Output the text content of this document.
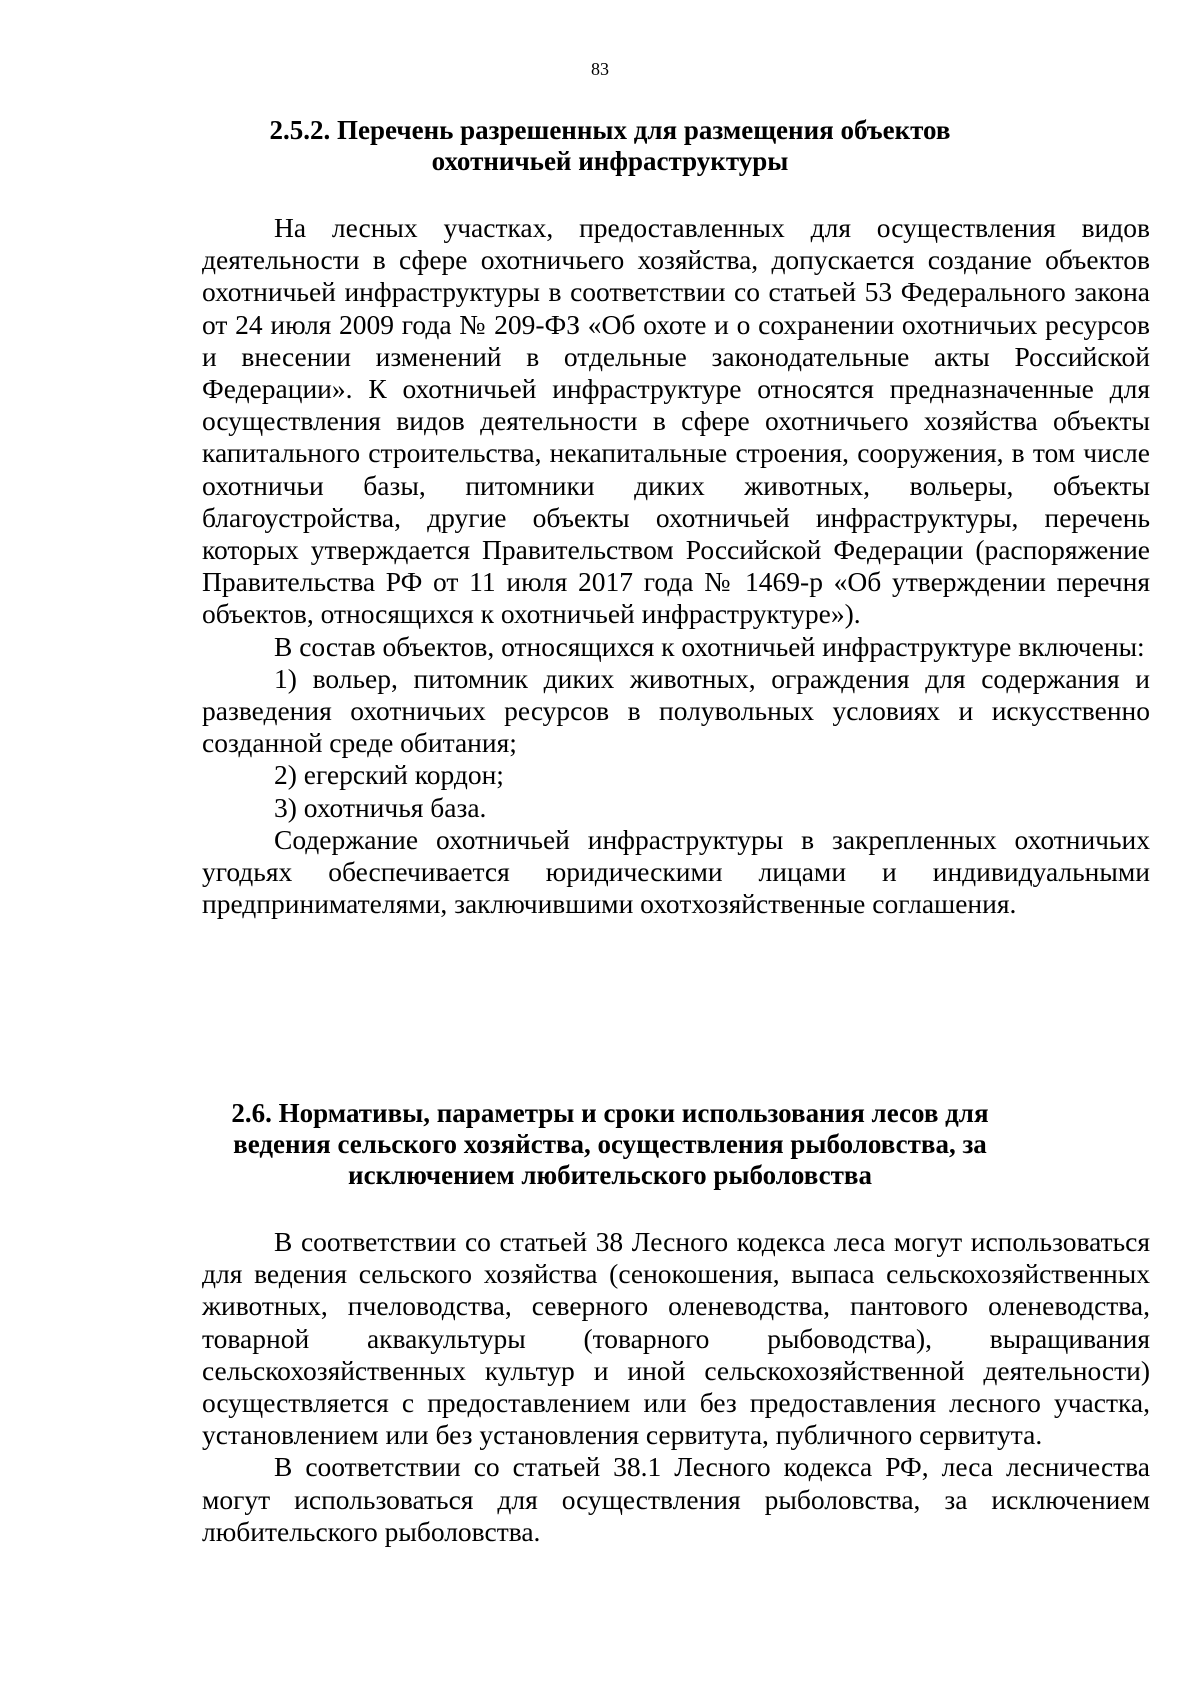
83
2.5.2. Перечень разрешенных для размещения объектов охотничьей инфраструктуры

На лесных участках, предоставленных для осуществления видов деятельности в сфере охотничьего хозяйства, допускается создание объектов охотничьей инфраструктуры в соответствии со статьей 53 Федерального закона от 24 июля 2009 года № 209-ФЗ «Об охоте и о сохранении охотничьих ресурсов и внесении изменений в отдельные законодательные акты Российской Федерации». К охотничьей инфраструктуре относятся предназначенные для осуществления видов деятельности в сфере охотничьего хозяйства объекты капитального строительства, некапитальные строения, сооружения, в том числе охотничьи базы, питомники диких животных, вольеры, объекты благоустройства, другие объекты охотничьей инфраструктуры, перечень которых утверждается Правительством Российской Федерации (распоряжение Правительства РФ от 11 июля 2017 года № 1469-р «Об утверждении перечня объектов, относящихся к охотничьей инфраструктуре»).

В состав объектов, относящихся к охотничьей инфраструктуре включены:

1) вольер, питомник диких животных, ограждения для содержания и разведения охотничьих ресурсов в полувольных условиях и искусственно созданной среде обитания;

2) егерский кордон;

3) охотничья база.

Содержание охотничьей инфраструктуры в закрепленных охотничьих угодьях обеспечивается юридическими лицами и индивидуальными предпринимателями, заключившими охотхозяйственные соглашения.

2.6. Нормативы, параметры и сроки использования лесов для ведения сельского хозяйства, осуществления рыболовства, за исключением любительского рыболовства

В соответствии со статьей 38 Лесного кодекса леса могут использоваться для ведения сельского хозяйства (сенокошения, выпаса сельскохозяйственных животных, пчеловодства, северного оленеводства, пантового оленеводства, товарной аквакультуры (товарного рыбоводства), выращивания сельскохозяйственных культур и иной сельскохозяйственной деятельности) осуществляется с предоставлением или без предоставления лесного участка, установлением или без установления сервитута, публичного сервитута.

В соответствии со статьей 38.1 Лесного кодекса РФ, леса лесничества могут использоваться для осуществления рыболовства, за исключением любительского рыболовства.
